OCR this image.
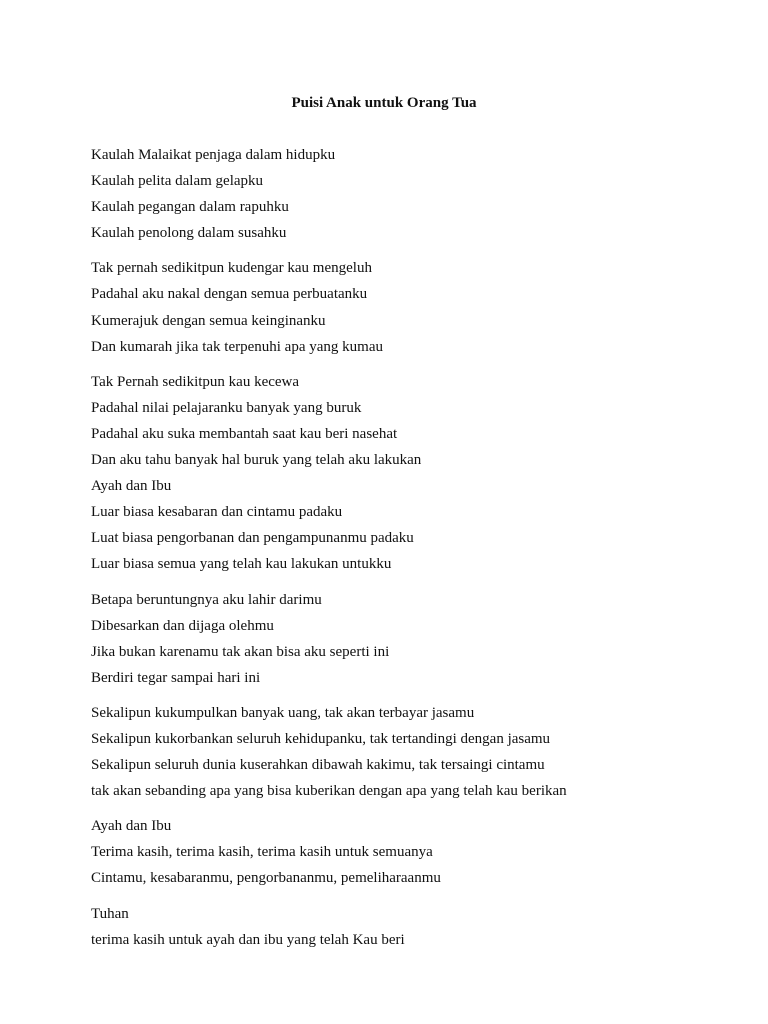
Puisi Anak untuk Orang Tua
Kaulah Malaikat penjaga dalam hidupku
Kaulah pelita dalam gelapku
Kaulah pegangan dalam rapuhku
Kaulah penolong dalam susahku
Tak pernah sedikitpun kudengar kau mengeluh
Padahal aku nakal dengan semua perbuatanku
Kumerajuk dengan semua keinginanku
Dan kumarah jika tak terpenuhi apa yang kumau
Tak Pernah sedikitpun kau kecewa
Padahal nilai pelajaranku banyak yang buruk
Padahal aku suka membantah saat kau beri nasehat
Dan aku tahu banyak hal buruk yang telah aku lakukan
Ayah dan Ibu
Luar biasa kesabaran dan cintamu padaku
Luat biasa pengorbanan dan pengampunanmu padaku
Luar biasa semua yang telah kau lakukan untukku
Betapa beruntungnya aku lahir darimu
Dibesarkan dan dijaga olehmu
Jika bukan karenamu tak akan bisa aku seperti ini
Berdiri tegar sampai hari ini
Sekalipun kukumpulkan banyak uang, tak akan terbayar jasamu
Sekalipun kukorbankan seluruh kehidupanku, tak tertandingi dengan jasamu
Sekalipun seluruh dunia kuserahkan dibawah kakimu, tak tersaingi cintamu
tak akan sebanding apa yang bisa kuberikan dengan apa yang telah kau berikan
Ayah dan Ibu
Terima kasih, terima kasih, terima kasih untuk semuanya
Cintamu, kesabaranmu, pengorbananmu, pemeliharaanmu
Tuhan
terima kasih untuk ayah dan ibu yang telah Kau beri
